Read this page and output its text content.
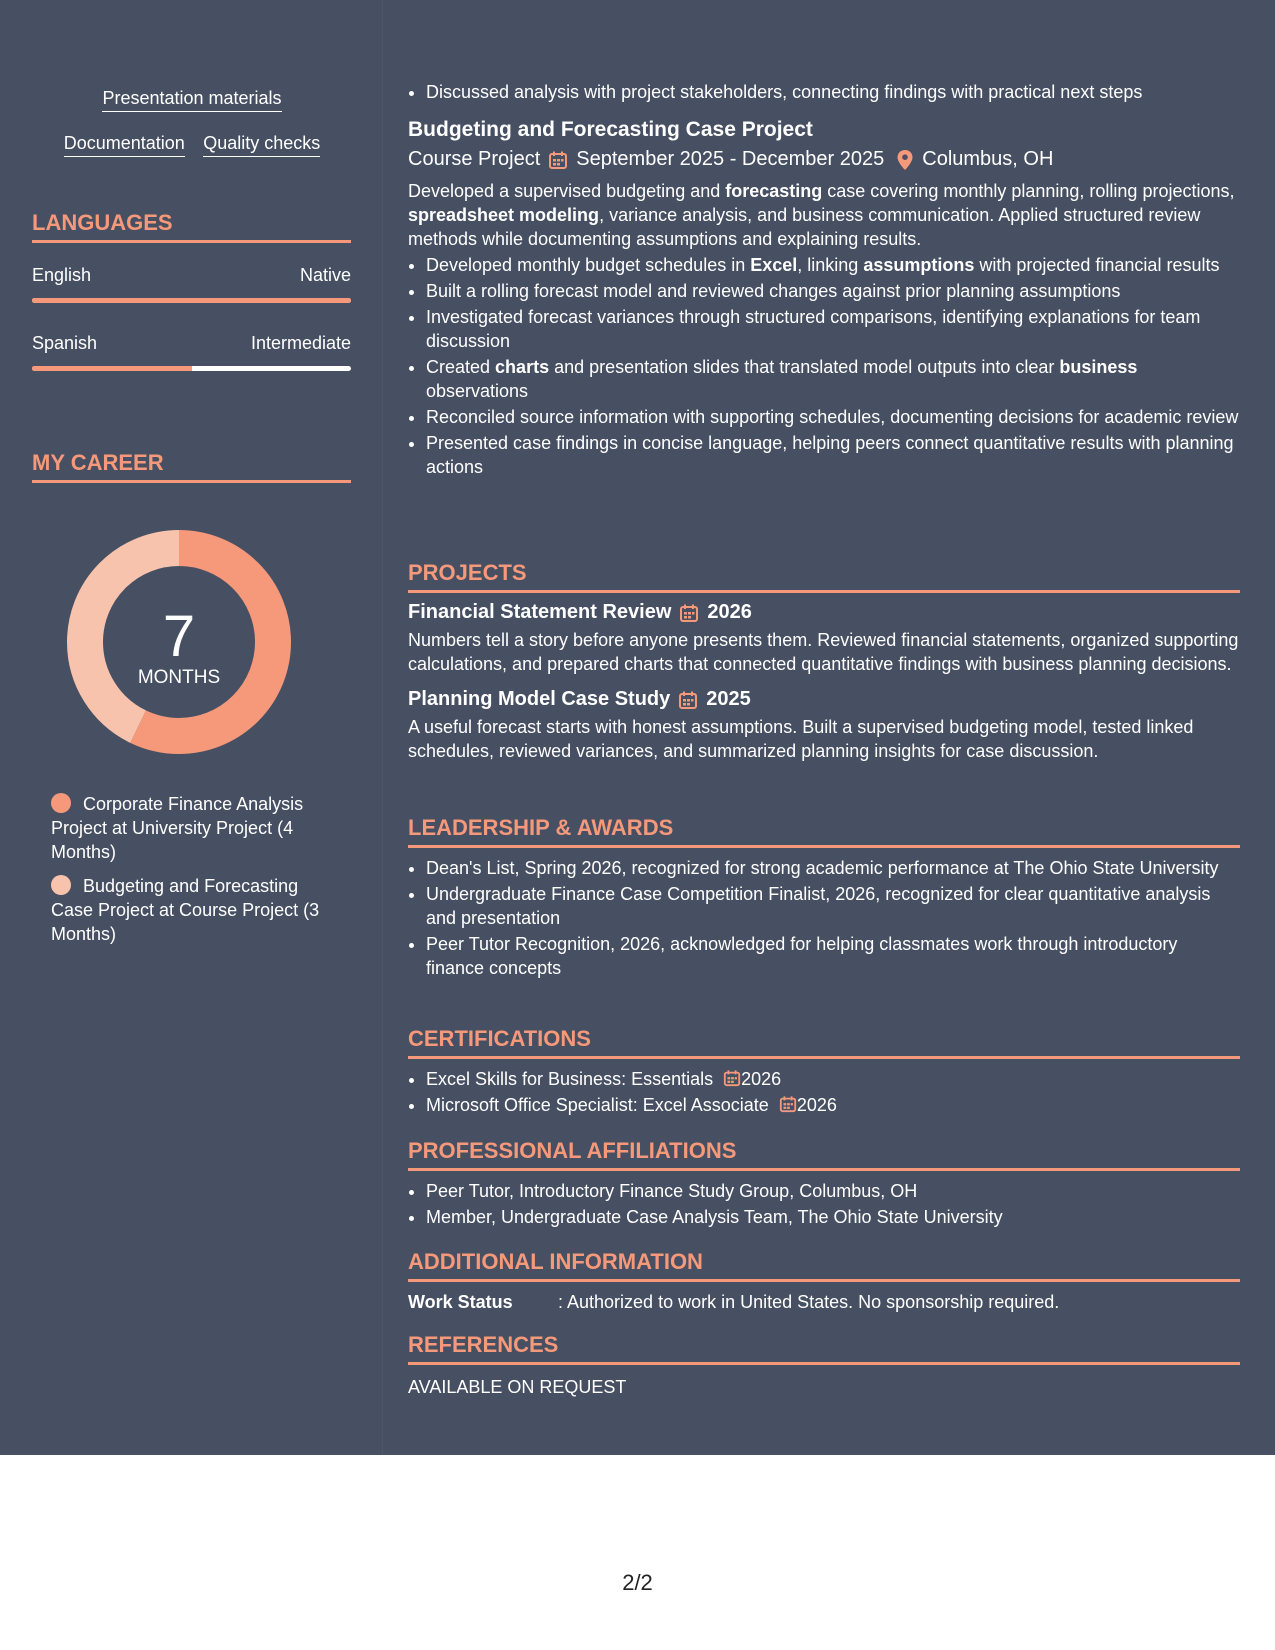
Presentation materials
Documentation Quality checks
LANGUAGES
English	Native
Spanish	Intermediate
MY CAREER
7
MONTHS
Corporate Finance Analysis Project at University Project (4 Months)
Budgeting and Forecasting Case Project at Course Project (3 Months)
• Discussed analysis with project stakeholders, connecting findings with practical next steps
Budgeting and Forecasting Case Project
Course Project September 2025 - December 2025 Columbus, OH

Developed a supervised budgeting and forecasting case covering monthly planning, rolling projections, spreadsheet modeling, variance analysis, and business communication. Applied structured review methods while documenting assumptions and explaining results.

• Developed monthly budget schedules in Excel, linking assumptions with projected financial results
• Built a rolling forecast model and reviewed changes against prior planning assumptions
• Investigated forecast variances through structured comparisons, identifying explanations for team discussion
• Created charts and presentation slides that translated model outputs into clear business observations
• Reconciled source information with supporting schedules, documenting decisions for academic review
• Presented case findings in concise language, helping peers connect quantitative results with planning actions
PROJECTS
Financial Statement Review 2026

Numbers tell a story before anyone presents them. Reviewed financial statements, organized supporting calculations, and prepared charts that connected quantitative findings with business planning decisions.

Planning Model Case Study 2025

A useful forecast starts with honest assumptions. Built a supervised budgeting model, tested linked schedules, reviewed variances, and summarized planning insights for case discussion.

LEADERSHIP & AWARDS
• Dean's List, Spring 2026, recognized for strong academic performance at The Ohio State University
• Undergraduate Finance Case Competition Finalist, 2026, recognized for clear quantitative analysis and presentation
• Peer Tutor Recognition, 2026, acknowledged for helping classmates work through introductory finance concepts
CERTIFICATIONS
• Excel Skills for Business: Essentials 2026
• Microsoft Office Specialist: Excel Associate 2026
PROFESSIONAL AFFILIATIONS
• Peer Tutor, Introductory Finance Study Group, Columbus, OH
• Member, Undergraduate Case Analysis Team, The Ohio State University
ADDITIONAL INFORMATION
Work Status	: Authorized to work in United States. No sponsorship required.
REFERENCES

AVAILABLE ON REQUEST

2/2
